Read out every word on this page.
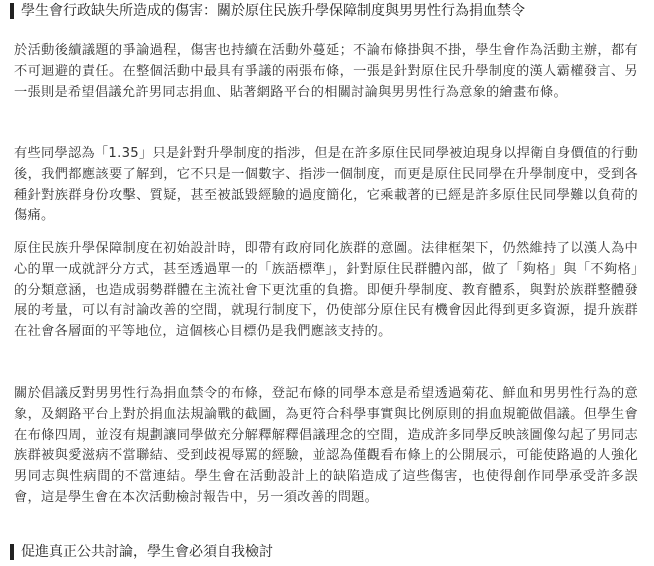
學生會行政缺失所造成的傷害：關於原住民族升學保障制度與男男性行為捐血禁令

於活動後續議題的爭論過程，傷害也持續在活動外蔓延；不論布條掛與不掛，學生會作為活動主辦，都有不可迴避的責任。在整個活動中最具有爭議的兩張布條，一張是針對原住民升學制度的漢人霸權發言、另一張則是希望倡議允許男同志捐血、貼著網路平台的相關討論與男男性行為意象的繪畫布條。

有些同學認為「1.35」只是針對升學制度的指涉，但是在許多原住民同學被迫現身以捍衛自身價值的行動後，我們都應該要了解到，它不只是一個數字、指涉一個制度，而更是原住民同學在升學制度中，受到各種針對族群身份攻擊、質疑，甚至被詆毀經驗的過度簡化，它乘載著的已經是許多原住民同學難以負荷的傷痛。

原住民族升學保障制度在初始設計時，即帶有政府同化族群的意圖。法律框架下，仍然維持了以漢人為中心的單一成就評分方式，甚至透過單一的「族語標準」，針對原住民群體內部，做了「夠格」與「不夠格」的分類意涵，也造成弱勢群體在主流社會下更沈重的負擔。即便升學制度、教育體系，與對於族群整體發展的考量，可以有討論改善的空間，就現行制度下，仍使部分原住民有機會因此得到更多資源，提升族群在社會各層面的平等地位，這個核心目標仍是我們應該支持的。

關於倡議反對男男性行為捐血禁令的布條，登記布條的同學本意是希望透過菊花、鮮血和男男性行為的意象，及網路平台上對於捐血法規論戰的截圖，為更符合科學事實與比例原則的捐血規範做倡議。但學生會在布條四周，並沒有規劃讓同學做充分解釋解釋倡議理念的空間，造成許多同學反映該圖像勾起了男同志族群被與愛滋病不當聯結、受到歧視辱罵的經驗，並認為僅觀看布條上的公開展示，可能使路過的人強化男同志與性病間的不當連結。學生會在活動設計上的缺陷造成了這些傷害，也使得創作同學承受許多誤會，這是學生會在本次活動檢討報告中，另一須改善的問題。

促進真正公共討論，學生會必須自我檢討
